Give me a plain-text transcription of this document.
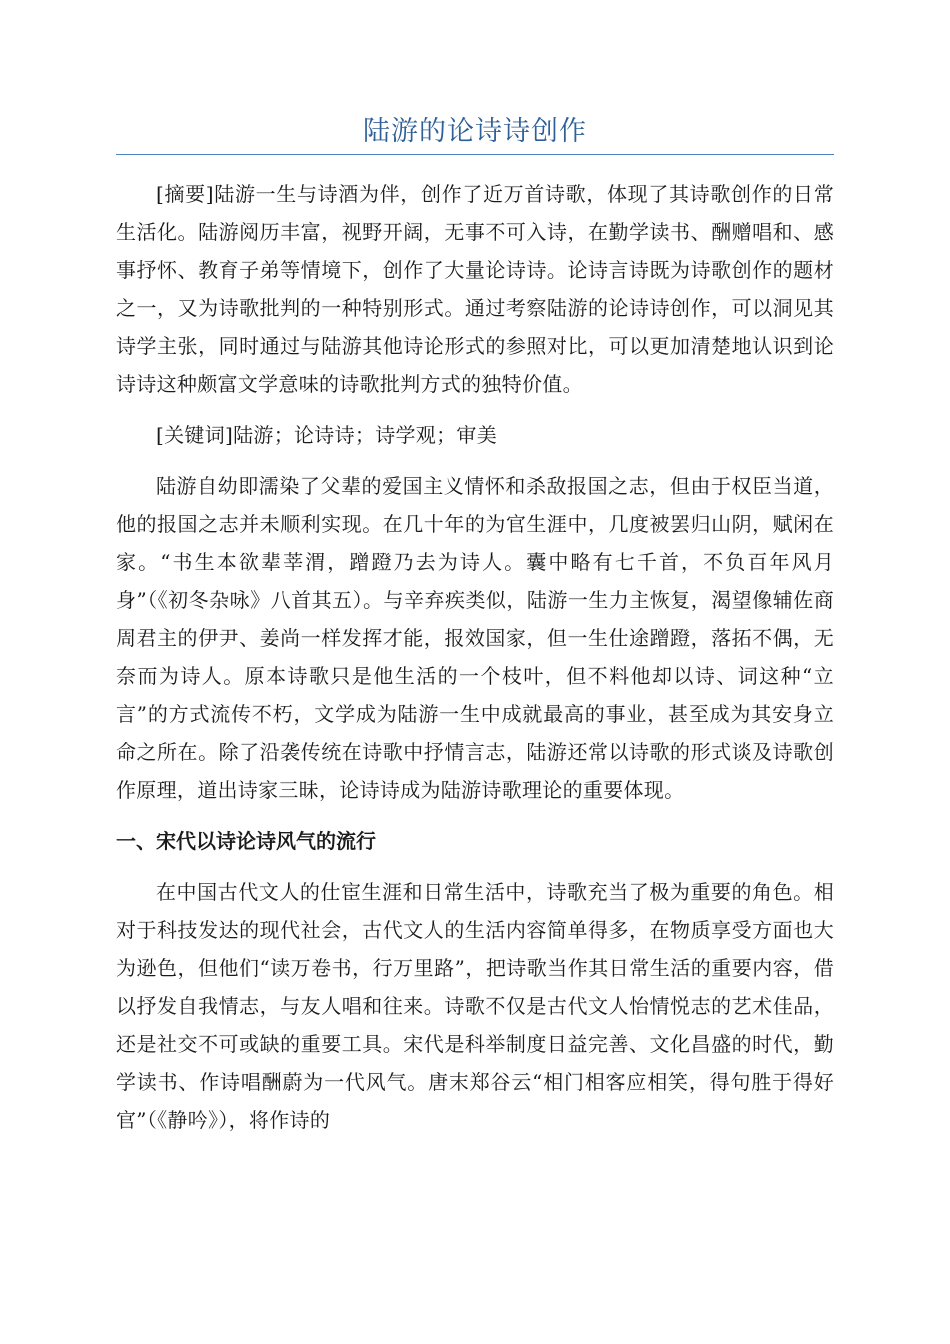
陆游的论诗诗创作

[摘要]陆游一生与诗酒为伴，创作了近万首诗歌，体现了其诗歌创作的日常生活化。陆游阅历丰富，视野开阔，无事不可入诗，在勤学读书、酬赠唱和、感事抒怀、教育子弟等情境下，创作了大量论诗诗。论诗言诗既为诗歌创作的题材之一，又为诗歌批判的一种特别形式。通过考察陆游的论诗诗创作，可以洞见其诗学主张，同时通过与陆游其他诗论形式的参照对比，可以更加清楚地认识到论诗诗这种颇富文学意味的诗歌批判方式的独特价值。

[关键词]陆游；论诗诗；诗学观；审美

陆游自幼即濡染了父辈的爱国主义情怀和杀敌报国之志，但由于权臣当道，他的报国之志并未顺利实现。在几十年的为官生涯中，几度被罢归山阴，赋闲在家。“书生本欲辈莘渭，蹭蹬乃去为诗人。囊中略有七千首，不负百年风月身”（《初冬杂咏》八首其五）。与辛弃疾类似，陆游一生力主恢复，渴望像辅佐商周君主的伊尹、姜尚一样发挥才能，报效国家，但一生仕途蹭蹬，落拓不偶，无奈而为诗人。原本诗歌只是他生活的一个枝叶，但不料他却以诗、词这种“立言”的方式流传不朽，文学成为陆游一生中成就最高的事业，甚至成为其安身立命之所在。除了沿袭传统在诗歌中抒情言志，陆游还常以诗歌的形式谈及诗歌创作原理，道出诗家三昧，论诗诗成为陆游诗歌理论的重要体现。

一、宋代以诗论诗风气的流行

在中国古代文人的仕宦生涯和日常生活中，诗歌充当了极为重要的角色。相对于科技发达的现代社会，古代文人的生活内容简单得多，在物质享受方面也大为逊色，但他们“读万卷书，行万里路”，把诗歌当作其日常生活的重要内容，借以抒发自我情志，与友人唱和往来。诗歌不仅是古代文人怡情悦志的艺术佳品，还是社交不可或缺的重要工具。宋代是科举制度日益完善、文化昌盛的时代，勤学读书、作诗唱酬蔚为一代风气。唐末郑谷云“相门相客应相笑，得句胜于得好官”（《静吟》），将作诗的
